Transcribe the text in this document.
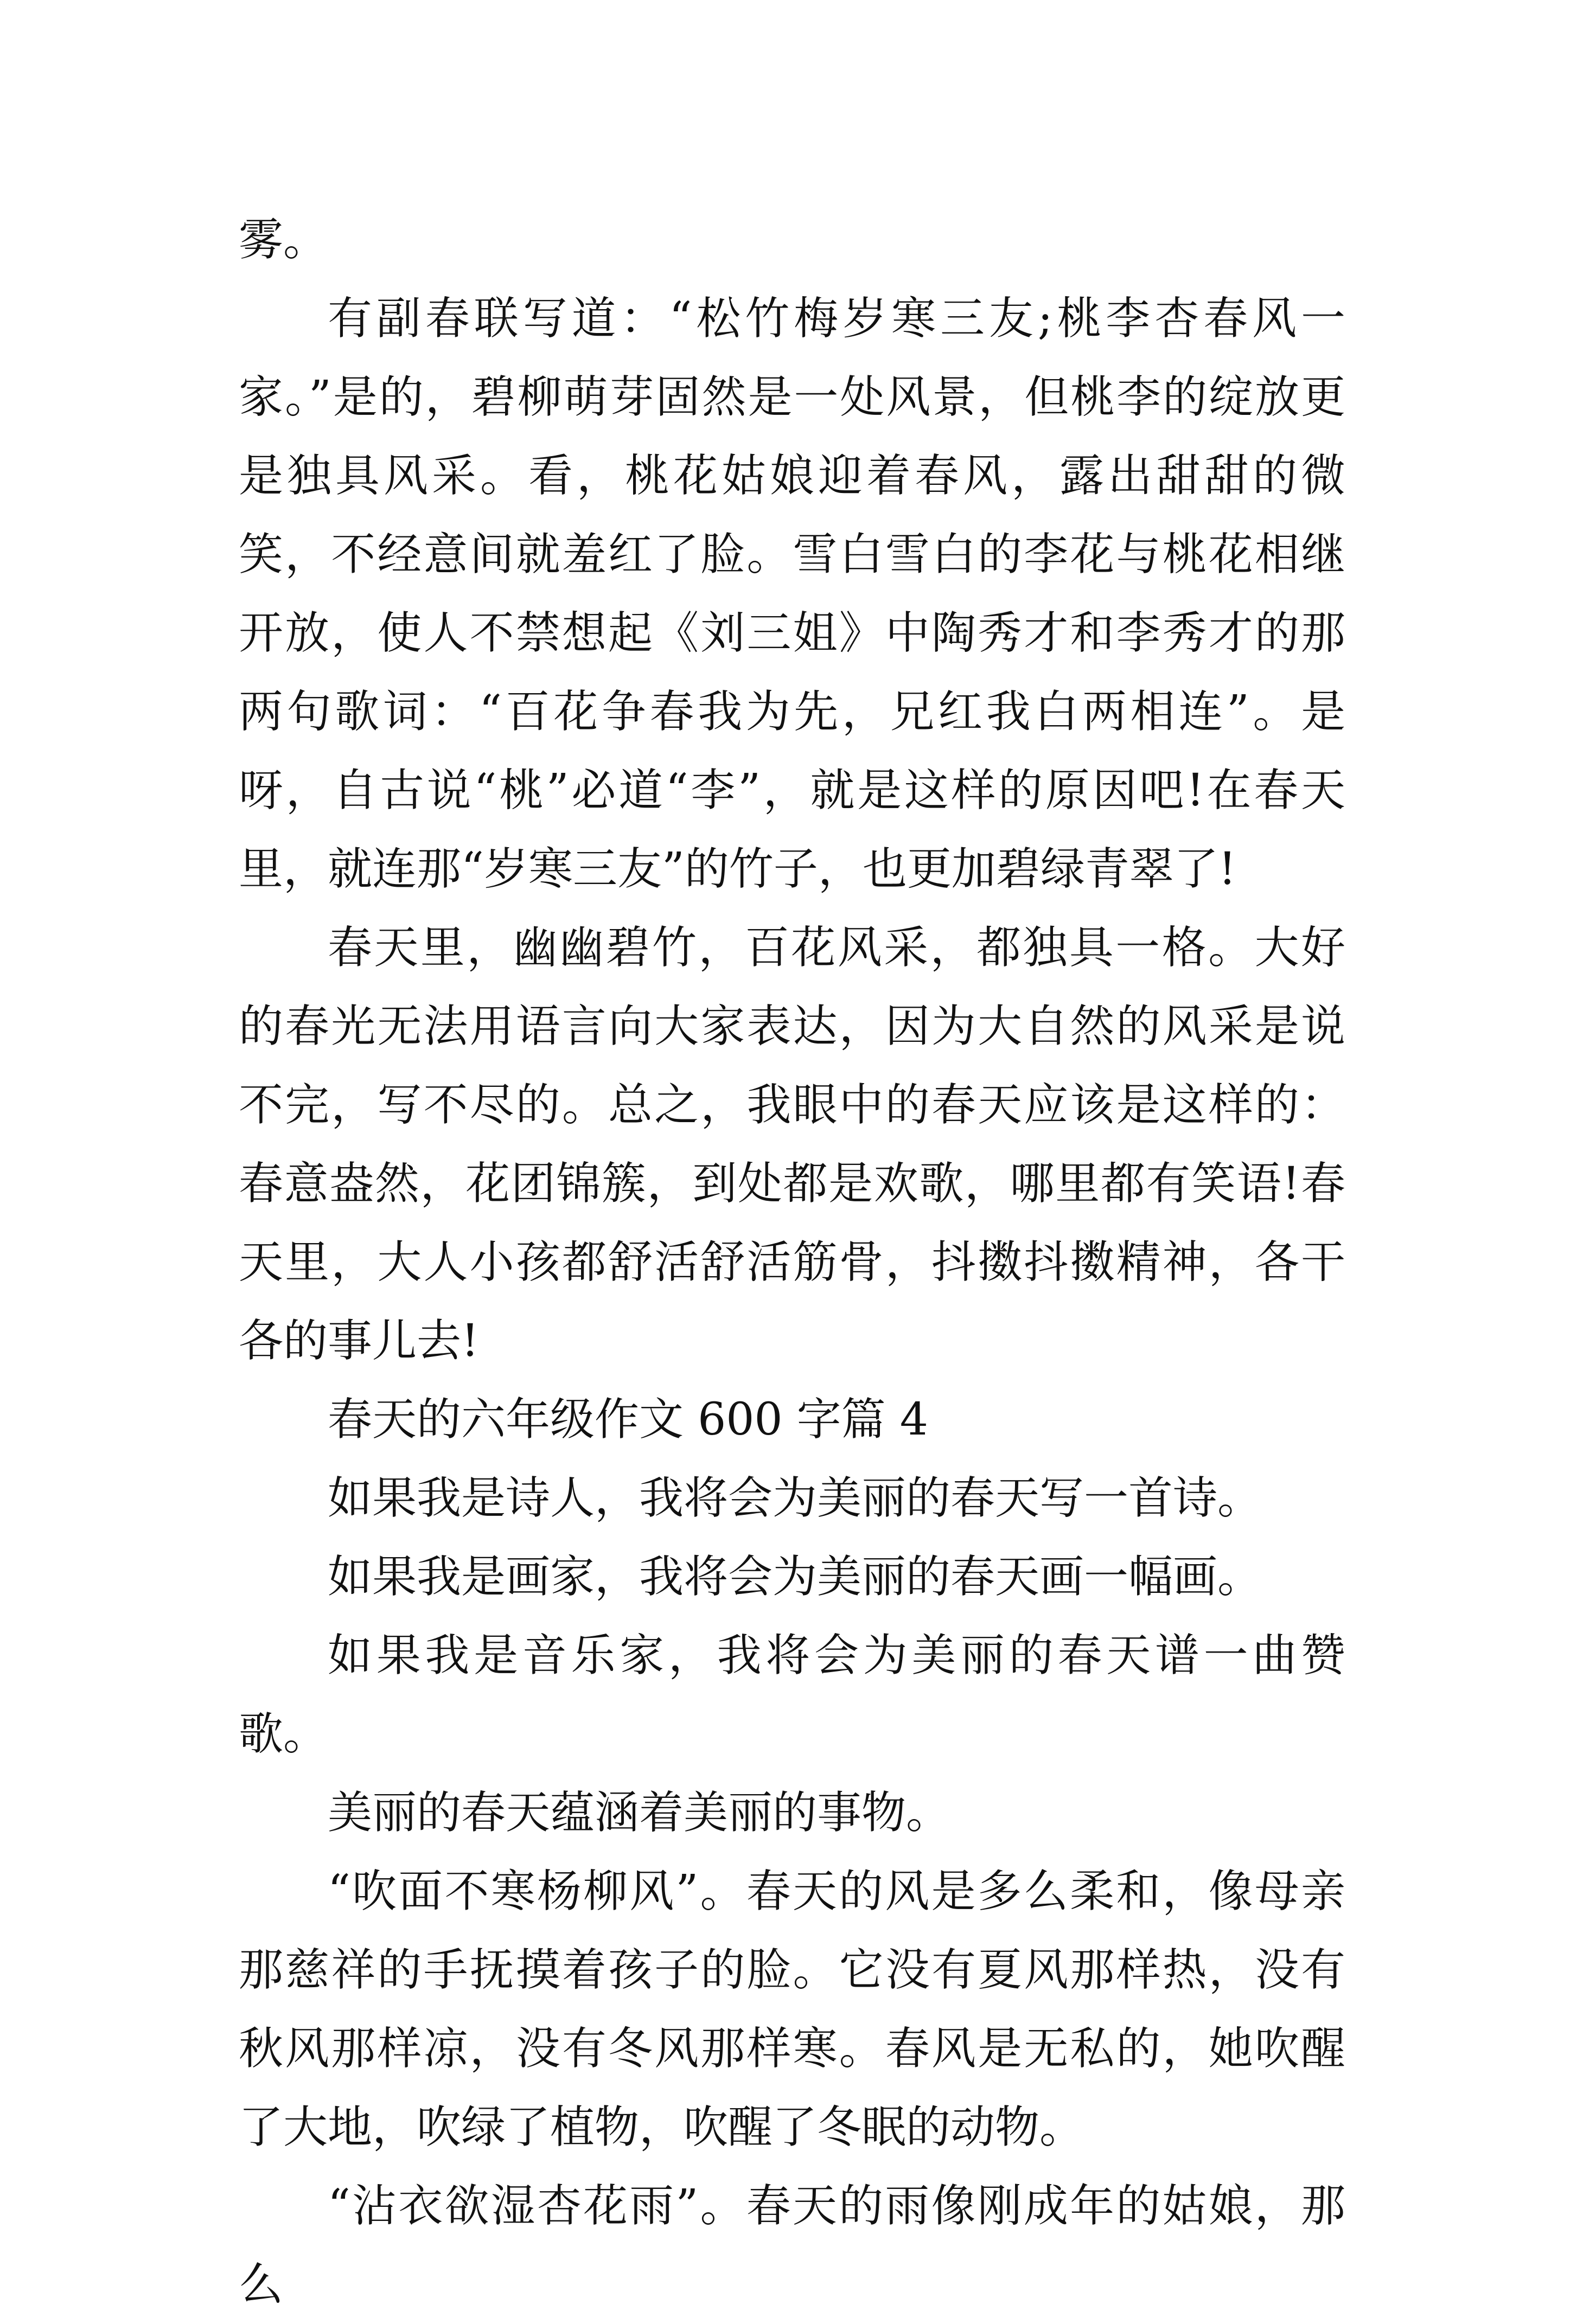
雾。

有副春联写道：“松竹梅岁寒三友;桃李杏春风一家。”是的，碧柳萌芽固然是一处风景，但桃李的绽放更是独具风采。看，桃花姑娘迎着春风，露出甜甜的微笑，不经意间就羞红了脸。雪白雪白的李花与桃花相继开放，使人不禁想起《刘三姐》中陶秀才和李秀才的那两句歌词：“百花争春我为先，兄红我白两相连”。是呀，自古说“桃”必道“李”，就是这样的原因吧!在春天里，就连那“岁寒三友”的竹子，也更加碧绿青翠了!

春天里，幽幽碧竹，百花风采，都独具一格。大好的春光无法用语言向大家表达，因为大自然的风采是说不完，写不尽的。总之，我眼中的春天应该是这样的：春意盎然，花团锦簇，到处都是欢歌，哪里都有笑语!春天里，大人小孩都舒活舒活筋骨，抖擞抖擞精神，各干各的事儿去!

春天的六年级作文 600 字篇 4

如果我是诗人，我将会为美丽的春天写一首诗。

如果我是画家，我将会为美丽的春天画一幅画。

如果我是音乐家，我将会为美丽的春天谱一曲赞歌。

美丽的春天蕴涵着美丽的事物。

“吹面不寒杨柳风”。春天的风是多么柔和，像母亲那慈祥的手抚摸着孩子的脸。它没有夏风那样热，没有秋风那样凉，没有冬风那样寒。春风是无私的，她吹醒了大地，吹绿了植物，吹醒了冬眠的动物。

“沾衣欲湿杏花雨”。春天的雨像刚成年的姑娘，那么
